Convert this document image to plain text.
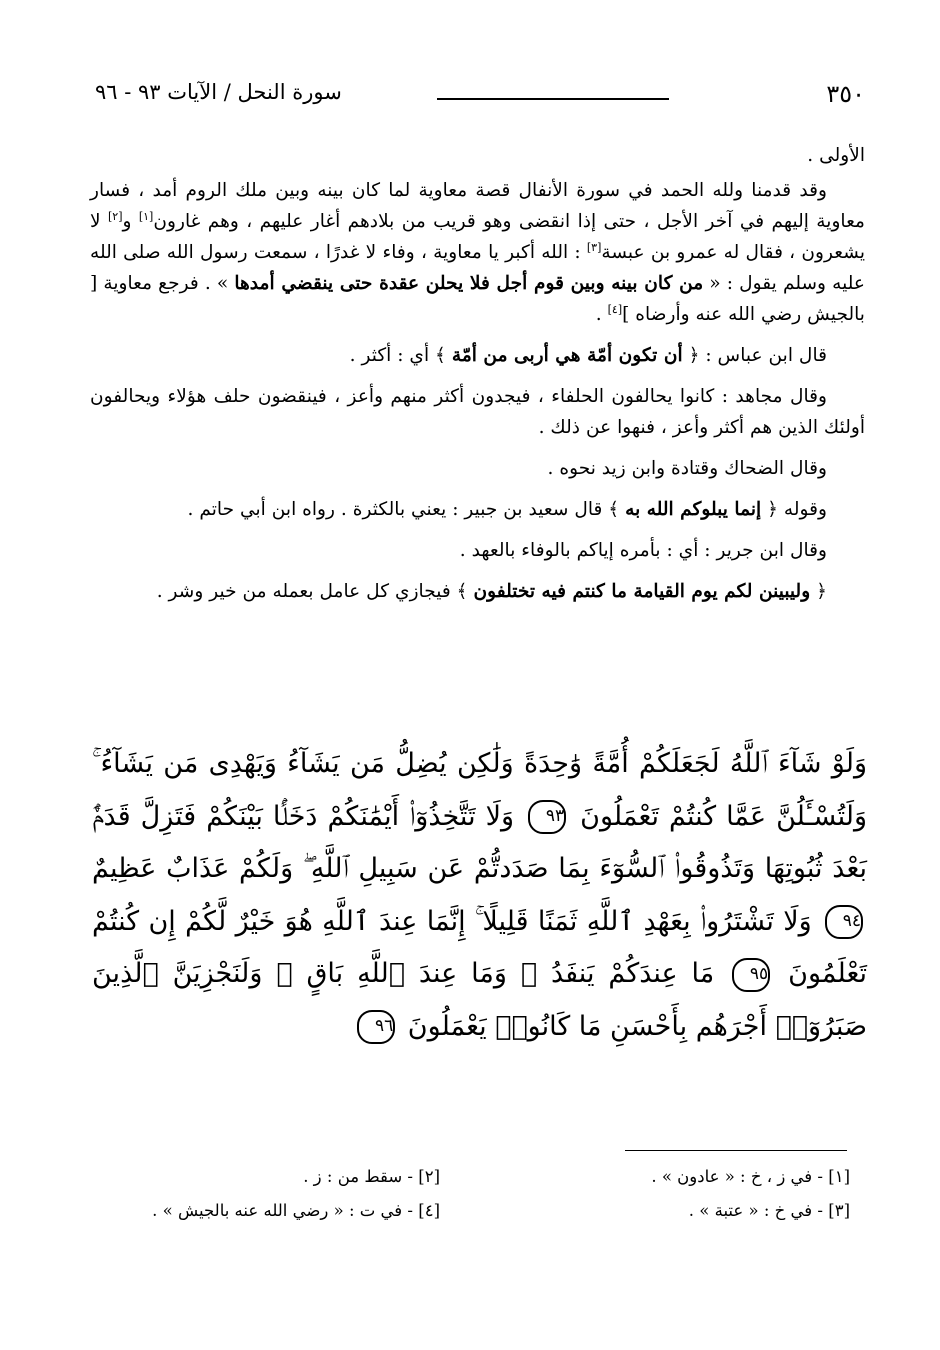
٣٥٠
سورة النحل / الآيات ٩٣ - ٩٦

الأولى .

وقد قدمنا ولله الحمد في سورة الأنفال قصة معاوية لما كان بينه وبين ملك الروم أمد ، فسار معاوية إليهم في آخر الأجل ، حتى إذا انقضى وهو قريب من بلادهم أغار عليهم ، وهم غارون[١] و[٢] لا يشعرون ، فقال له عمرو بن عبسة[٣] : الله أكبر يا معاوية ، وفاء لا غدرًا ، سمعت رسول الله صلى الله عليه وسلم يقول : « من كان بينه وبين قوم أجل فلا يحلن عقدة حتى ينقضي أمدها » . فرجع معاوية [ بالجيش رضي الله عنه وأرضاه ][٤] .

قال ابن عباس : ﴿ أن تكون أمّة هي أربى من أمّة ﴾ أي : أكثر .

وقال مجاهد : كانوا يحالفون الحلفاء ، فيجدون أكثر منهم وأعز ، فينقضون حلف هؤلاء ويحالفون أولئك الذين هم أكثر وأعز ، فنهوا عن ذلك .

وقال الضحاك وقتادة وابن زيد نحوه .

وقوله ﴿ إنما يبلوكم الله به ﴾ قال سعيد بن جبير : يعني بالكثرة . رواه ابن أبي حاتم .

وقال ابن جرير : أي : بأمره إياكم بالوفاء بالعهد .

﴿ وليبينن لكم يوم القيامة ما كنتم فيه تختلفون ﴾ فيجازي كل عامل بعمله من خير وشر .

وَلَوْ شَآءَ ٱللَّهُ لَجَعَلَكُمْ أُمَّةً وَٰحِدَةً وَلَٰكِن يُضِلُّ مَن يَشَآءُ وَيَهْدِى مَن يَشَآءُ ۚ وَلَتُسْـَٔلُنَّ عَمَّا كُنتُمْ تَعْمَلُونَ ٩٣ وَلَا تَتَّخِذُوٓا۟ أَيْمَٰنَكُمْ دَخَلًۢا بَيْنَكُمْ فَتَزِلَّ قَدَمٌۢ بَعْدَ ثُبُوتِهَا وَتَذُوقُوا۟ ٱلسُّوٓءَ بِمَا صَدَدتُّمْ عَن سَبِيلِ ٱللَّهِ ۖ وَلَكُمْ عَذَابٌ عَظِيمٌ ٩٤ وَلَا تَشْتَرُوا۟ بِعَهْدِ ٱللَّهِ ثَمَنًا قَلِيلًا ۚ إِنَّمَا عِندَ ٱللَّهِ هُوَ خَيْرٌ لَّكُمْ إِن كُنتُمْ تَعْلَمُونَ ٩٥ مَا عِندَكُمْ يَنفَدُ ۖ وَمَا عِندَ ٱللَّهِ بَاقٍ ۗ وَلَنَجْزِيَنَّ ٱلَّذِينَ صَبَرُوٓا۟ أَجْرَهُم بِأَحْسَنِ مَا كَانُوا۟ يَعْمَلُونَ ٩٦
[١] - في ز ، خ : « عادون » .
[٢] - سقط من : ز .
[٣] - في خ : « عتبة » .
[٤] - في ت : « رضي الله عنه بالجيش » .
